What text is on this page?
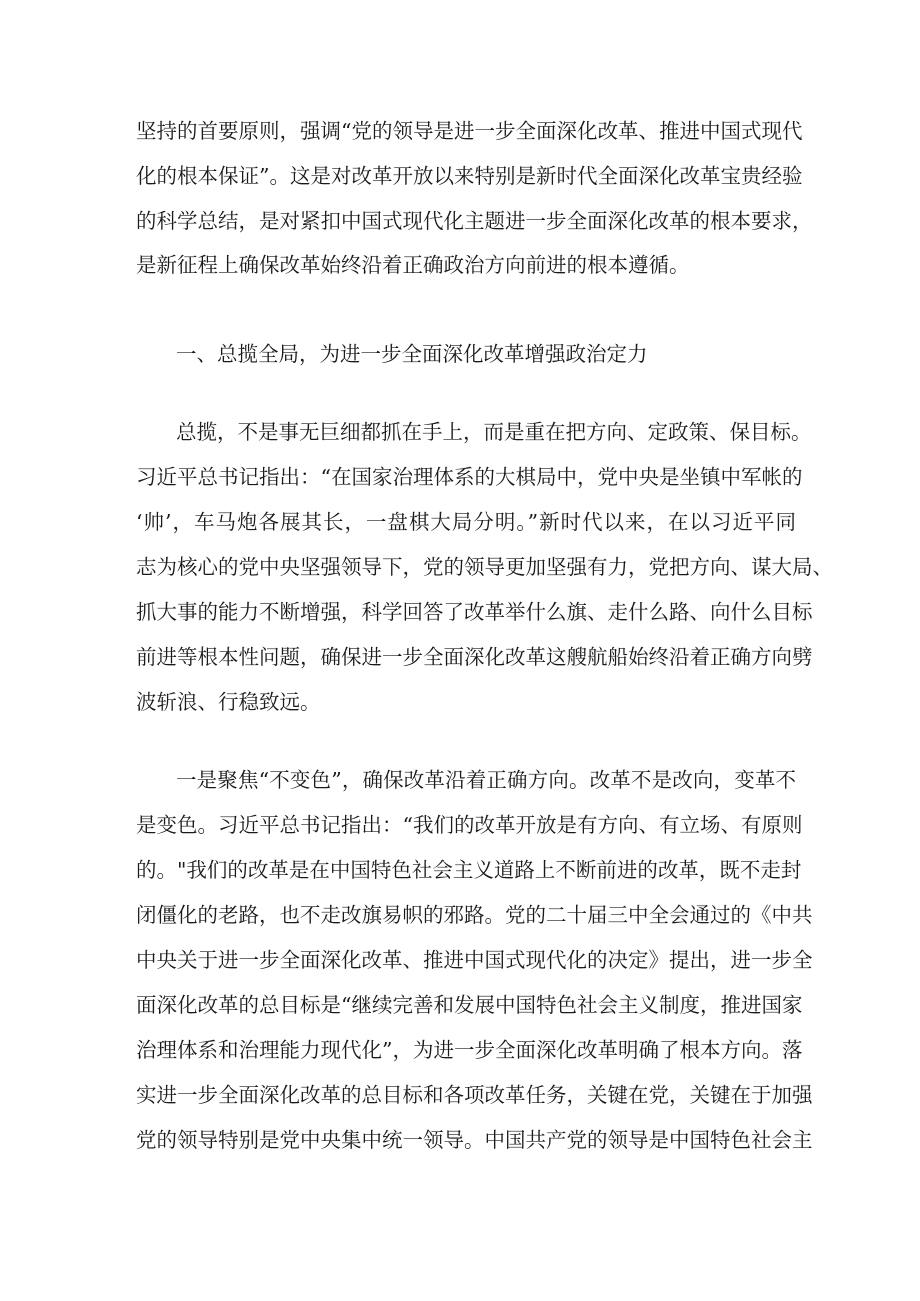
坚持的首要原则，强调“党的领导是进一步全面深化改革、推进中国式现代
化的根本保证”。这是对改革开放以来特别是新时代全面深化改革宝贵经验
的科学总结，是对紧扣中国式现代化主题进一步全面深化改革的根本要求，
是新征程上确保改革始终沿着正确政治方向前进的根本遵循。
一、总揽全局，为进一步全面深化改革增强政治定力
总揽，不是事无巨细都抓在手上，而是重在把方向、定政策、保目标。
习近平总书记指出：“在国家治理体系的大棋局中，党中央是坐镇中军帐的
‘帅’，车马炮各展其长，一盘棋大局分明。”新时代以来，在以习近平同
志为核心的党中央坚强领导下，党的领导更加坚强有力，党把方向、谋大局、
抓大事的能力不断增强，科学回答了改革举什么旗、走什么路、向什么目标
前进等根本性问题，确保进一步全面深化改革这艘航船始终沿着正确方向劈
波斩浪、行稳致远。
一是聚焦“不变色”，确保改革沿着正确方向。改革不是改向，变革不
是变色。习近平总书记指出：“我们的改革开放是有方向、有立场、有原则
的。"我们的改革是在中国特色社会主义道路上不断前进的改革，既不走封
闭僵化的老路，也不走改旗易帜的邪路。党的二十届三中全会通过的《中共
中央关于进一步全面深化改革、推进中国式现代化的决定》提出，进一步全
面深化改革的总目标是“继续完善和发展中国特色社会主义制度，推进国家
治理体系和治理能力现代化”，为进一步全面深化改革明确了根本方向。落
实进一步全面深化改革的总目标和各项改革任务，关键在党，关键在于加强
党的领导特别是党中央集中统一领导。中国共产党的领导是中国特色社会主
